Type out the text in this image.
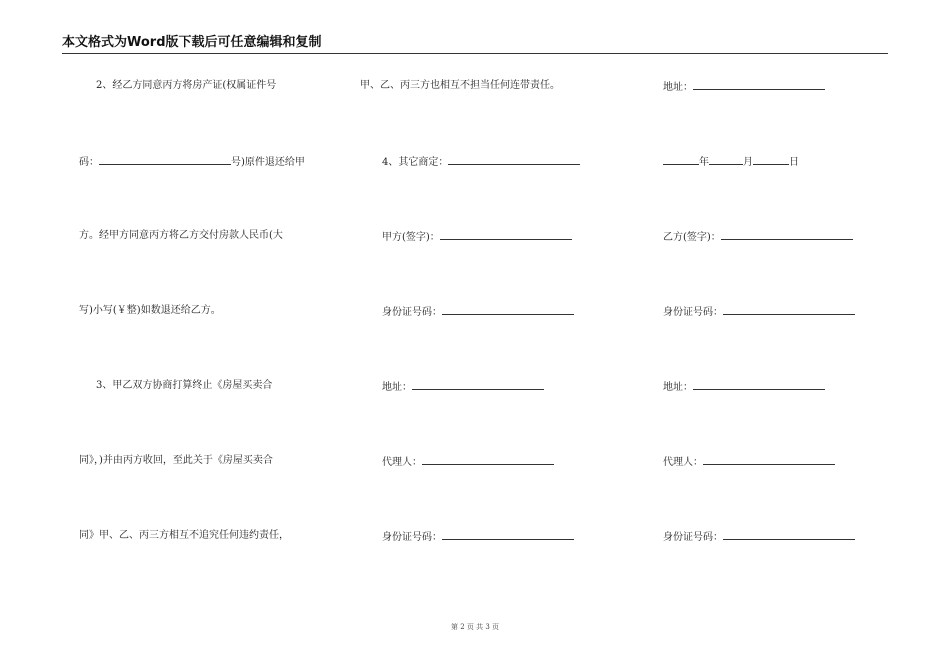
本文格式为Word版下载后可任意编辑和复制
2、经乙方同意丙方将房产证(权属证件号
码：	号)原件退还给甲
方。经甲方同意丙方将乙方交付房款人民币(大
写)小写(￥整)如数退还给乙方。
3、甲乙双方协商打算终止《房屋买卖合
同》，)并由丙方收回，至此关于《房屋买卖合
同》甲、乙、丙三方相互不追究任何违约责任，
甲、乙、丙三方也相互不担当任何连带责任。
4、其它商定：
甲方(签字)：
身份证号码：
地址：
代理人：
身份证号码：
地址：
年	月	日
乙方(签字)：
身份证号码：
地址：
代理人：
身份证号码：
第 2 页 共 3 页
